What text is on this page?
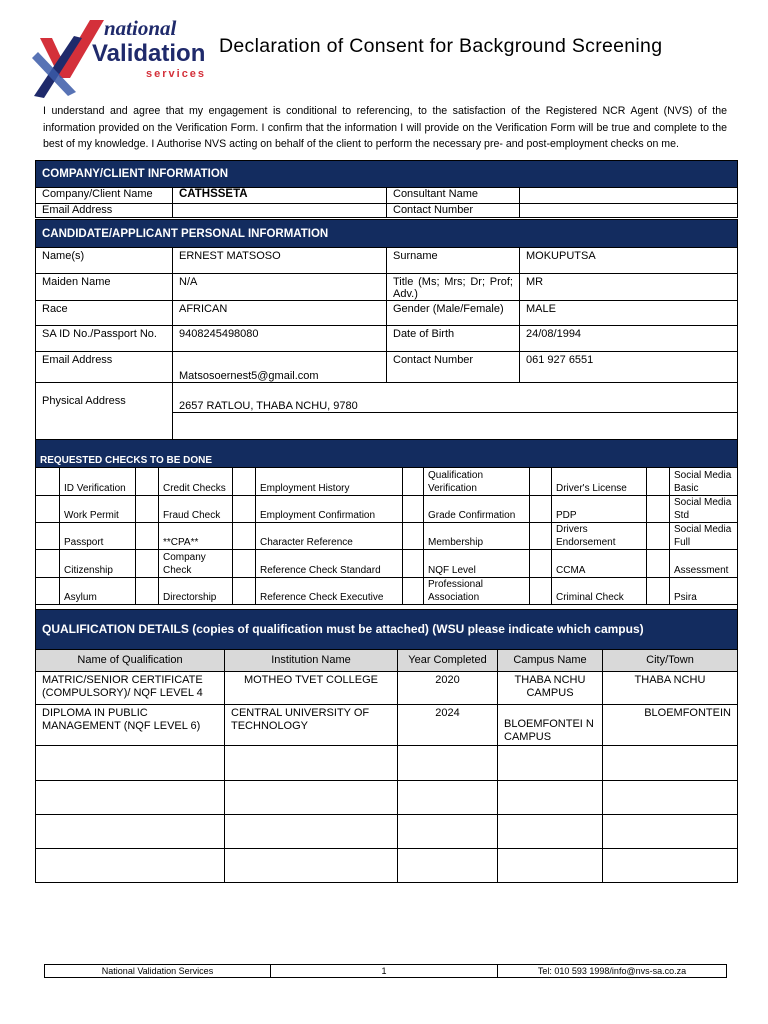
national
Validation
services
Declaration of Consent for Background Screening
I understand and agree that my engagement is conditional to referencing, to the satisfaction of the Registered NCR Agent (NVS) of the information provided on the Verification Form. I confirm that the information I will provide on the Verification Form will be true and complete to the best of my knowledge. I Authorise NVS acting on behalf of the client to perform the necessary pre- and post-employment checks on me.
COMPANY/CLIENT INFORMATION			
Company/Client Name	CATHSSETA	Consultant Name	
Email Address		Contact Number	
CANDIDATE/APPLICANT PERSONAL INFORMATION			
Name(s)	ERNEST MATSOSO	Surname	MOKUPUTSA
Maiden Name	N/A	Title (Ms; Mrs; Dr; Prof; Adv.)	MR
Race	AFRICAN	Gender (Male/Female)	MALE
SA ID No./Passport No.	9408245498080	Date of Birth	24/08/1994
Email Address	Matsosoernest5@gmail.com	Contact Number	061 927 6551
Physical Address	2657 RATLOU, THABA NCHU, 9780		

REQUESTED CHECKS TO BE DONE											
	ID Verification		Credit Checks		Employment History		Qualification Verification		Driver's License		Social Media Basic
	Work Permit		Fraud Check		Employment Confirmation		Grade Confirmation		PDP		Social Media Std
	Passport		**CPA**		Character Reference		Membership		Drivers Endorsement		Social Media Full
	Citizenship		Company Check		Reference Check Standard		NQF Level		CCMA		Assessment
	Asylum		Directorship		Reference Check Executive		Professional Association		Criminal Check		Psira

QUALIFICATION DETAILS (copies of qualification must be attached) (WSU please indicate which campus)				
Name of Qualification	Institution Name	Year Completed	Campus Name	City/Town
MATRIC/SENIOR CERTIFICATE (COMPULSORY)/ NQF LEVEL 4	MOTHEO TVET COLLEGE	2020	THABA NCHU CAMPUS	THABA NCHU
DIPLOMA IN PUBLIC MANAGEMENT (NQF LEVEL 6)	CENTRAL UNIVERSITY OF TECHNOLOGY	2024	BLOEMFONTEI N CAMPUS	BLOEMFONTEIN

National Validation Services	1	Tel: 010 593 1998/info@nvs-sa.co.za
